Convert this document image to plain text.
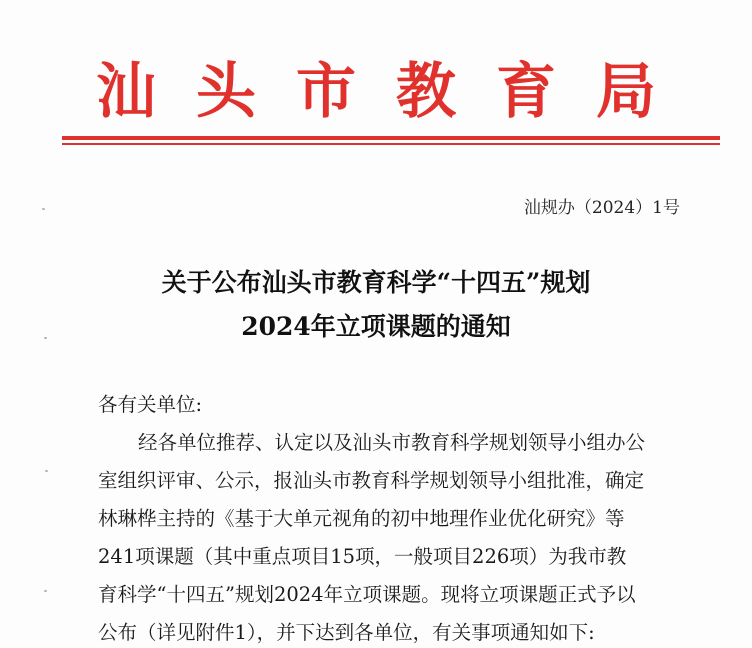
汕头市教育局
汕规办（2024）1号
关于公布汕头市教育科学“十四五”规划
2024年立项课题的通知
各有关单位:
经各单位推荐、认定以及汕头市教育科学规划领导小组办公
室组织评审、公示，报汕头市教育科学规划领导小组批准，确定
林琳桦主持的《基于大单元视角的初中地理作业优化研究》等
241项课题（其中重点项目15项，一般项目226项）为我市教
育科学“十四五”规划2024年立项课题。现将立项课题正式予以
公布（详见附件1），并下达到各单位，有关事项通知如下:
